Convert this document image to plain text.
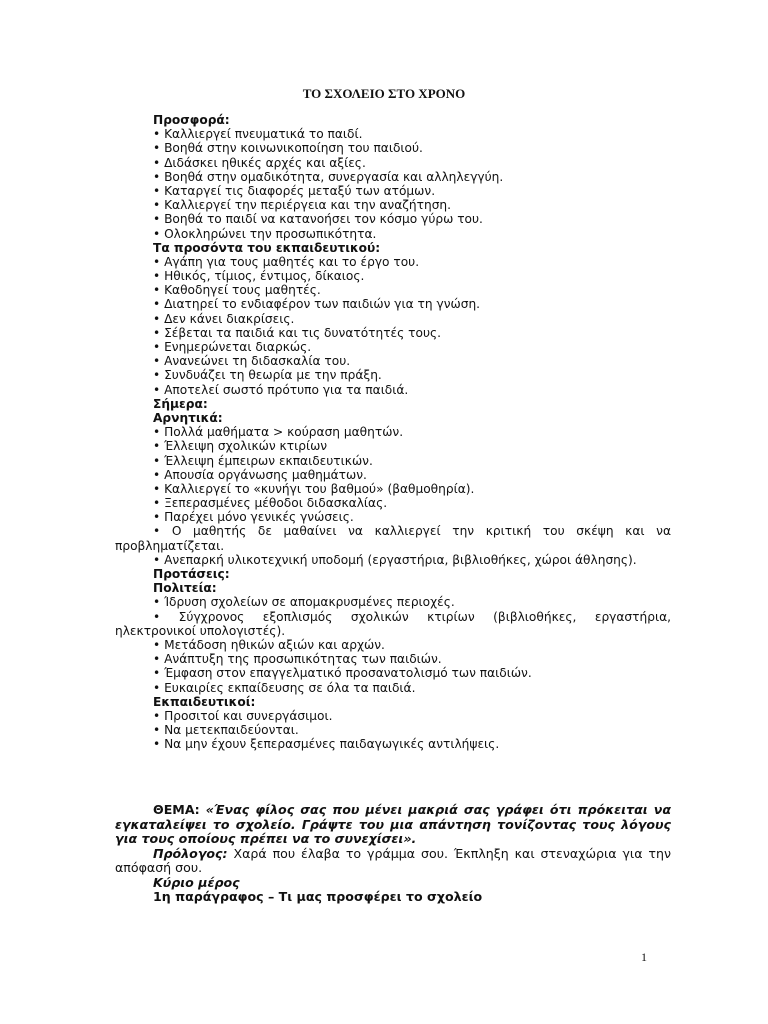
ΤΟ ΣΧΟΛΕΙΟ ΣΤΟ ΧΡΟΝΟ
Προσφορά:
• Καλλιεργεί πνευματικά το παιδί.
• Βοηθά στην κοινωνικοποίηση του παιδιού.
• Διδάσκει ηθικές αρχές και αξίες.
• Βοηθά στην ομαδικότητα, συνεργασία και αλληλεγγύη.
• Καταργεί τις διαφορές μεταξύ των ατόμων.
• Καλλιεργεί την περιέργεια και την αναζήτηση.
• Βοηθά το παιδί να κατανοήσει τον κόσμο γύρω του.
• Ολοκληρώνει την προσωπικότητα.
Τα προσόντα του εκπαιδευτικού:
• Αγάπη για τους μαθητές και το έργο του.
• Ηθικός, τίμιος, έντιμος, δίκαιος.
• Καθοδηγεί τους μαθητές.
• Διατηρεί το ενδιαφέρον των παιδιών για τη γνώση.
• Δεν κάνει διακρίσεις.
• Σέβεται τα παιδιά και τις δυνατότητές τους.
• Ενημερώνεται διαρκώς.
• Ανανεώνει τη διδασκαλία του.
• Συνδυάζει τη θεωρία με την πράξη.
• Αποτελεί σωστό πρότυπο για τα παιδιά.
Σήμερα:
Αρνητικά:
• Πολλά μαθήματα > κούραση μαθητών.
• Έλλειψη σχολικών κτιρίων
• Έλλειψη έμπειρων εκπαιδευτικών.
• Απουσία οργάνωσης μαθημάτων.
• Καλλιεργεί το «κυνήγι του βαθμού» (βαθμοθηρία).
• Ξεπερασμένες μέθοδοι διδασκαλίας.
• Παρέχει μόνο γενικές γνώσεις.
• Ο μαθητής δε μαθαίνει να καλλιεργεί την κριτική του σκέψη και να
προβληματίζεται.
• Ανεπαρκή υλικοτεχνική υποδομή (εργαστήρια, βιβλιοθήκες, χώροι άθλησης).
Προτάσεις:
Πολιτεία:
• Ίδρυση σχολείων σε απομακρυσμένες περιοχές.
• Σύγχρονος εξοπλισμός σχολικών κτιρίων (βιβλιοθήκες, εργαστήρια,
ηλεκτρονικοί υπολογιστές).
• Μετάδοση ηθικών αξιών και αρχών.
• Ανάπτυξη της προσωπικότητας των παιδιών.
• Έμφαση στον επαγγελματικό προσανατολισμό των παιδιών.
• Ευκαιρίες εκπαίδευσης σε όλα τα παιδιά.
Εκπαιδευτικοί:
• Προσιτοί και συνεργάσιμοι.
• Να μετεκπαιδεύονται.
• Να μην έχουν ξεπερασμένες παιδαγωγικές αντιλήψεις.
ΘΕΜΑ: «Ένας φίλος σας που μένει μακριά σας γράφει ότι πρόκειται να
εγκαταλείψει το σχολείο. Γράψτε του μια απάντηση τονίζοντας τους λόγους
για τους οποίους πρέπει να το συνεχίσει».
Πρόλογος: Χαρά που έλαβα το γράμμα σου. Έκπληξη και στεναχώρια για την
απόφασή σου.
Κύριο μέρος
1η παράγραφος – Τι μας προσφέρει το σχολείο
1
